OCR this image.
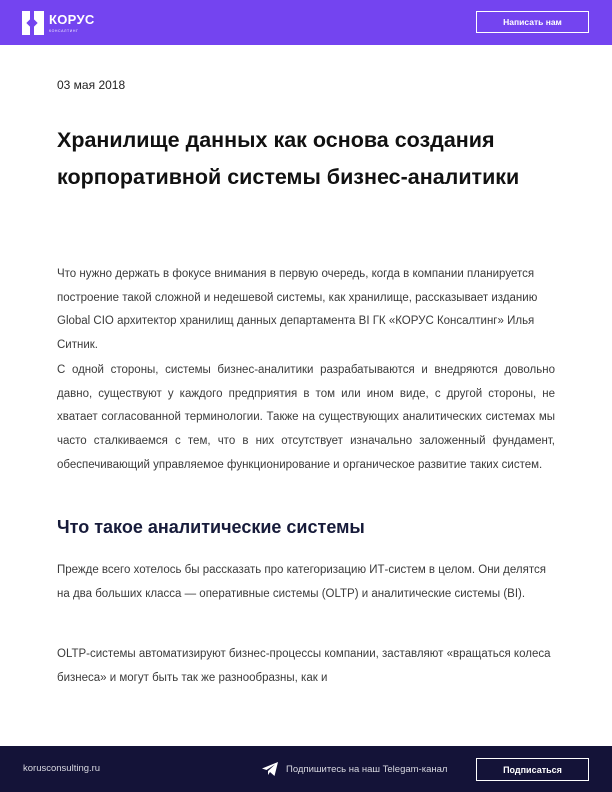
КОРУС
КОНСАЛТИНГ
Написать нам
03 мая 2018
Хранилище данных как основа создания корпоративной системы бизнес-аналитики

Что нужно держать в фокусе внимания в первую очередь, когда в компании планируется построение такой сложной и недешевой системы, как хранилище, рассказывает изданию Global CIO архитектор хранилищ данных департамента BI ГК «КОРУС Консалтинг» Илья Ситник.

С одной стороны, системы бизнес-аналитики разрабатываются и внедряются довольно давно, существуют у каждого предприятия в том или ином виде, с другой стороны, не хватает согласованной терминологии. Также на существующих аналитических системах мы часто сталкиваемся с тем, что в них отсутствует изначально заложенный фундамент, обеспечивающий управляемое функционирование и органическое развитие таких систем.

Что такое аналитические системы

Прежде всего хотелось бы рассказать про категоризацию ИТ-систем в целом. Они делятся на два больших класса — оперативные системы (OLTP) и аналитические системы (BI).

OLTP-системы автоматизируют бизнес-процессы компании, заставляют «вращаться колеса бизнеса» и могут быть так же разнообразны, как и

korusconsulting.ru	Подпишитесь на наш Telegam-канал	Подписаться
